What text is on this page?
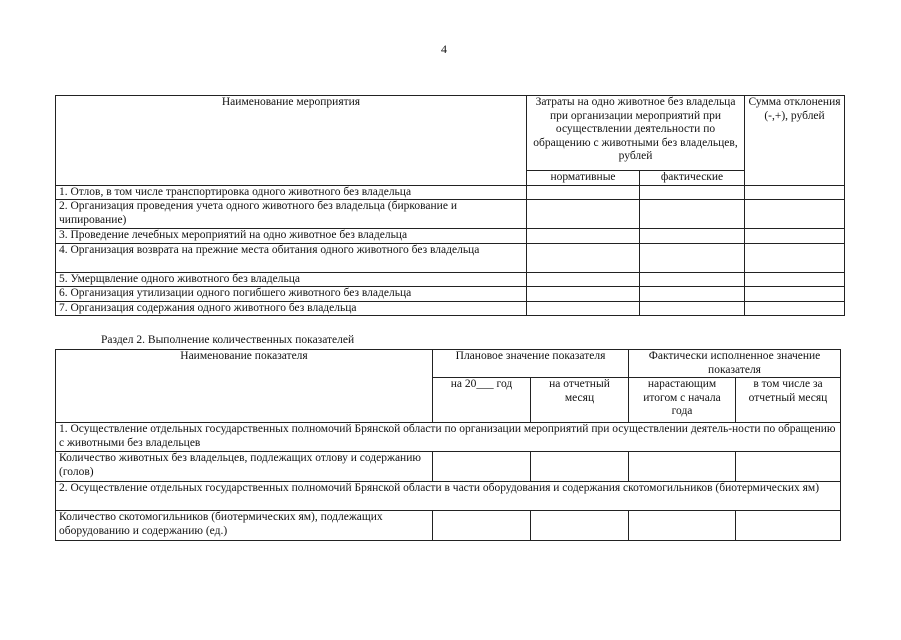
4
Наименование мероприятия	Затраты на одно животное без владельца при организации мероприятий при осуществлении деятельности по обращению с животными без владельцев, рублей		Сумма отклонения (-,+), рублей
	нормативные	фактические	
1. Отлов, в том числе транспортировка одного животного без владельца			
2. Организация проведения учета одного животного без владельца (биркование и чипирование)			
3. Проведение лечебных мероприятий на одно животное без владельца			
4. Организация возврата на прежние места обитания одного животного без владельца			
5. Умерщвление одного животного без владельца			
6. Организация утилизации одного погибшего животного без владельца			
7. Организация содержания одного животного без владельца			
Раздел 2. Выполнение количественных показателей
Наименование показателя	Плановое значение показателя		Фактически исполненное значение показателя	
	на 20___ год	на отчетный месяц	нарастающим итогом с начала года	в том числе за отчетный месяц
1. Осуществление отдельных государственных полномочий Брянской области по организации мероприятий при осуществлении деятель-ности по обращению с животными без владельцев				
Количество животных без владельцев, подлежащих отлову и содержанию (голов)				
2. Осуществление отдельных государственных полномочий Брянской области в части оборудования и содержания скотомогильников (биотермических ям)				
Количество скотомогильников (биотермических ям), подлежащих оборудованию и содержанию (ед.)				
